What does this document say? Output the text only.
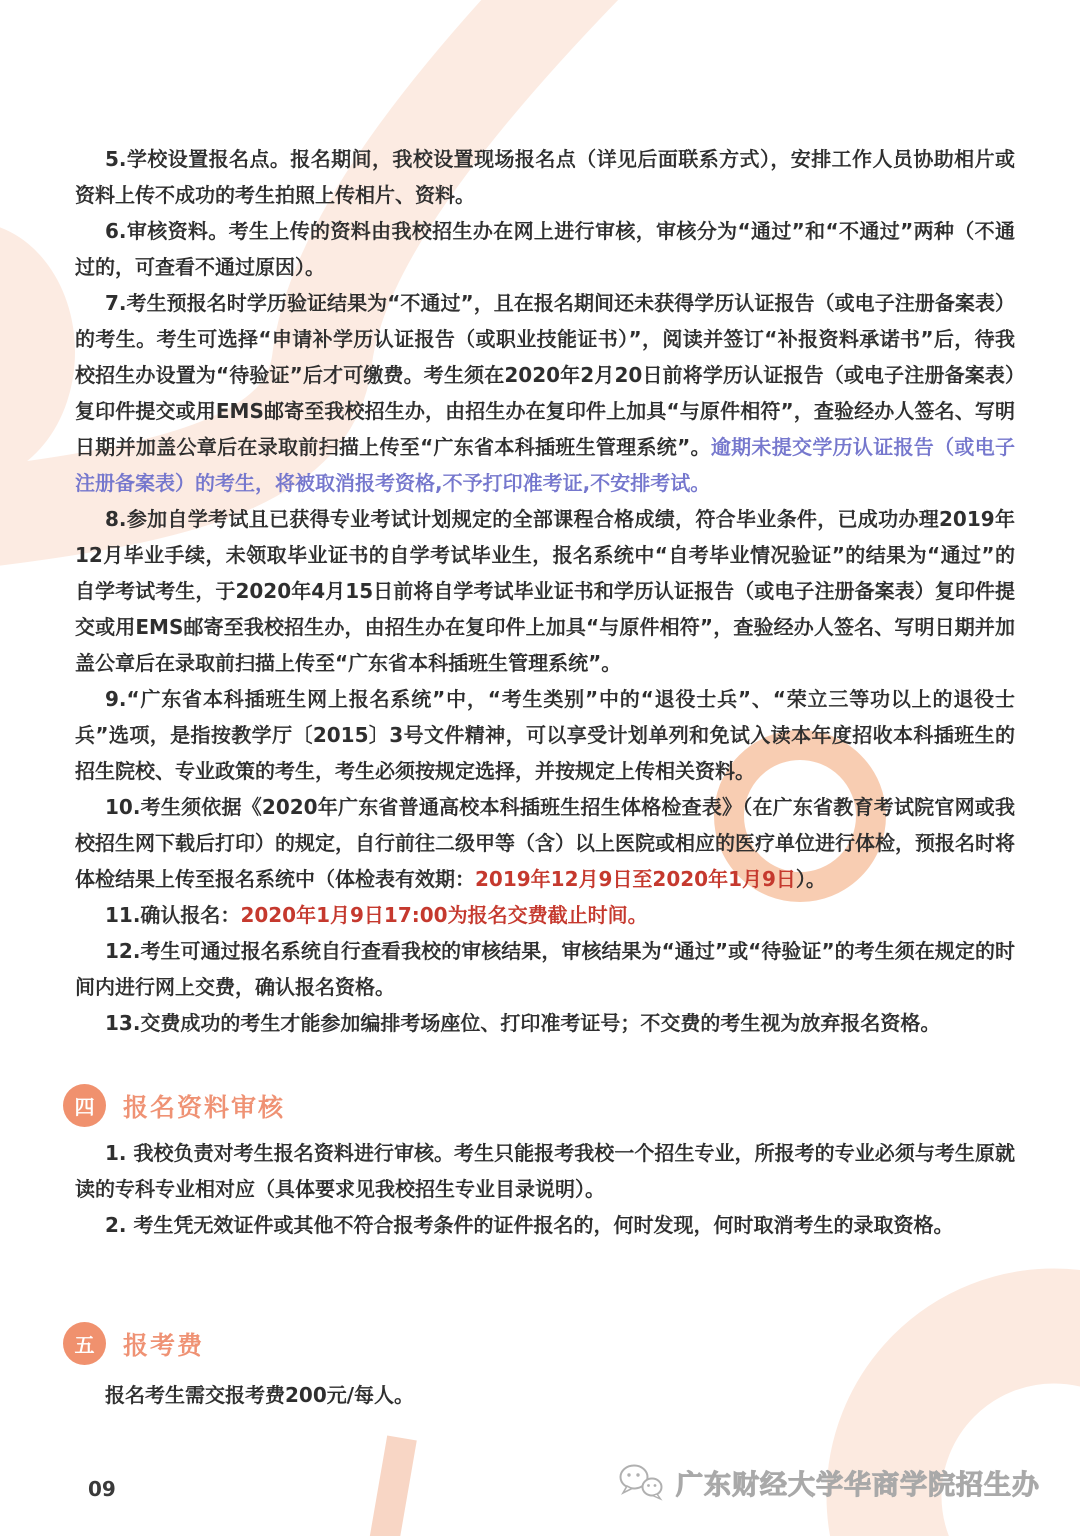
5.学校设置报名点。报名期间，我校设置现场报名点（详见后面联系方式），安排工作人员协助相片或资料上传不成功的考生拍照上传相片、资料。

6.审核资料。考生上传的资料由我校招生办在网上进行审核，审核分为“通过”和“不通过”两种（不通过的，可查看不通过原因）。

7.考生预报名时学历验证结果为“不通过”，且在报名期间还未获得学历认证报告（或电子注册备案表）的考生。考生可选择“申请补学历认证报告（或职业技能证书）”，阅读并签订“补报资料承诺书”后，待我校招生办设置为“待验证”后才可缴费。考生须在2020年2月20日前将学历认证报告（或电子注册备案表）复印件提交或用EMS邮寄至我校招生办，由招生办在复印件上加具“与原件相符”，查验经办人签名、写明日期并加盖公章后在录取前扫描上传至“广东省本科插班生管理系统”。逾期未提交学历认证报告（或电子注册备案表）的考生，将被取消报考资格,不予打印准考证,不安排考试。

8.参加自学考试且已获得专业考试计划规定的全部课程合格成绩，符合毕业条件，已成功办理2019年12月毕业手续，未领取毕业证书的自学考试毕业生，报名系统中“自考毕业情况验证”的结果为“通过”的自学考试考生，于2020年4月15日前将自学考试毕业证书和学历认证报告（或电子注册备案表）复印件提交或用EMS邮寄至我校招生办，由招生办在复印件上加具“与原件相符”，查验经办人签名、写明日期并加盖公章后在录取前扫描上传至“广东省本科插班生管理系统”。

9.“广东省本科插班生网上报名系统”中，“考生类别”中的“退役士兵”、“荣立三等功以上的退役士兵”选项，是指按教学厅〔2015〕3号文件精神，可以享受计划单列和免试入读本年度招收本科插班生的招生院校、专业政策的考生，考生必须按规定选择，并按规定上传相关资料。

10.考生须依据《2020年广东省普通高校本科插班生招生体格检查表》（在广东省教育考试院官网或我校招生网下载后打印）的规定，自行前往二级甲等（含）以上医院或相应的医疗单位进行体检，预报名时将体检结果上传至报名系统中（体检表有效期：2019年12月9日至2020年1月9日）。

11.确认报名：2020年1月9日17:00为报名交费截止时间。

12.考生可通过报名系统自行查看我校的审核结果，审核结果为“通过”或“待验证”的考生须在规定的时间内进行网上交费，确认报名资格。

13.交费成功的考生才能参加编排考场座位、打印准考证号；不交费的考生视为放弃报名资格。

四	报名资料审核

1. 我校负责对考生报名资料进行审核。考生只能报考我校一个招生专业，所报考的专业必须与考生原就读的专科专业相对应（具体要求见我校招生专业目录说明）。

2. 考生凭无效证件或其他不符合报考条件的证件报名的，何时发现，何时取消考生的录取资格。

五	报考费

报名考生需交报考费200元/每人。

09	广东财经大学华商学院招生办
